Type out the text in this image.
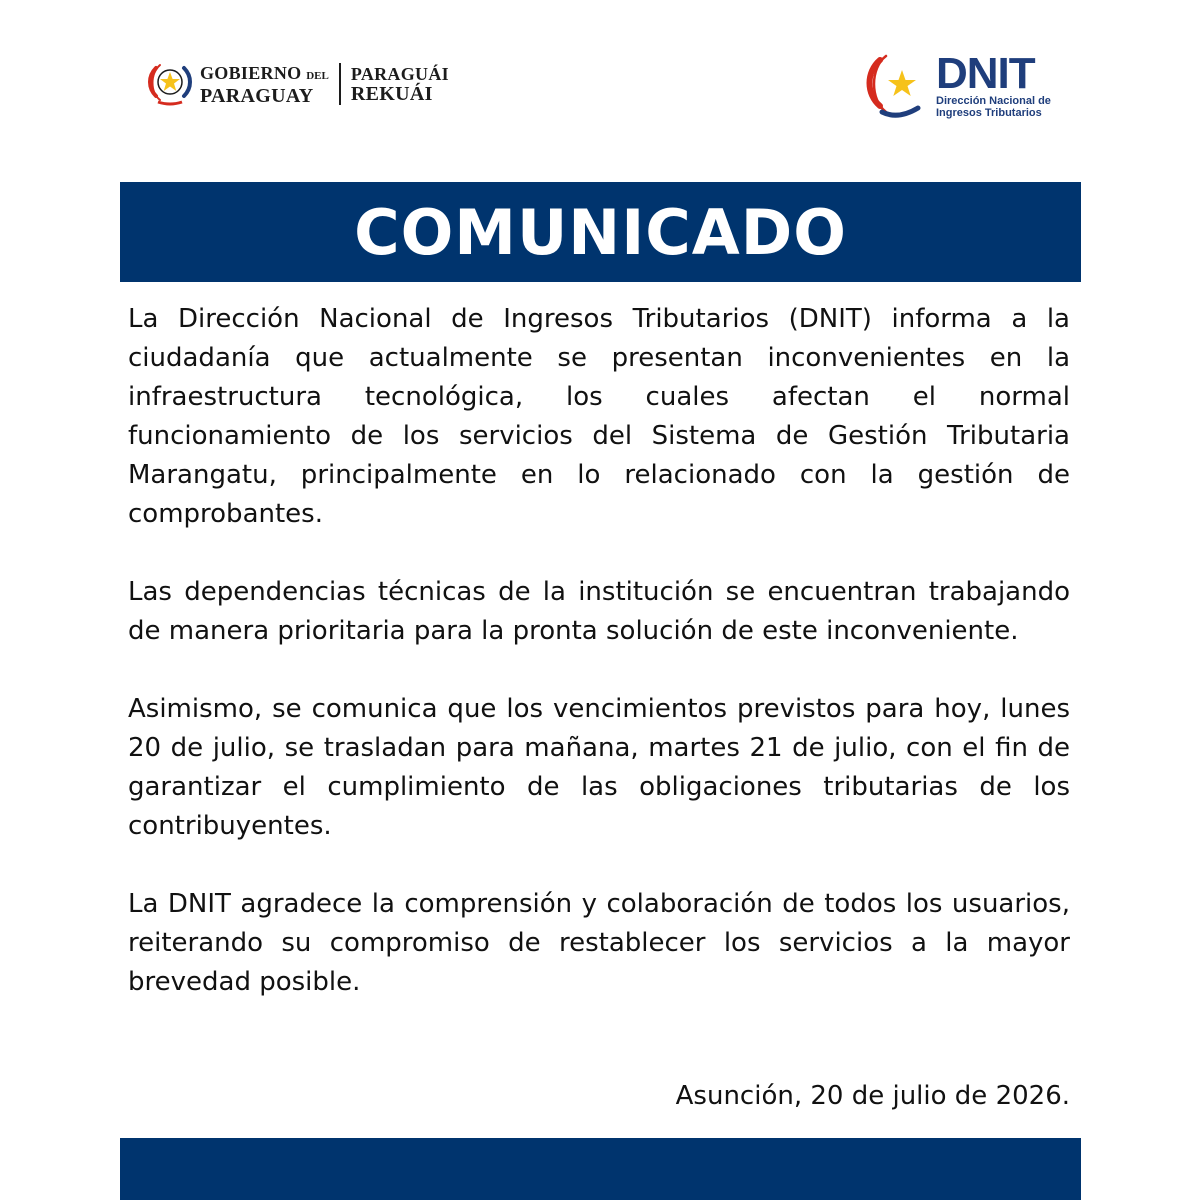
GOBIERNO DEL
PARAGUAY
PARAGUÁI
REKUÁI	DNIT
Dirección Nacional de
Ingresos Tributarios
COMUNICADO

La Dirección Nacional de Ingresos Tributarios (DNIT) informa a la ciudadanía que actualmente se presentan inconvenientes en la infraestructura tecnológica, los cuales afectan el normal funcionamiento de los servicios del Sistema de Gestión Tributaria Marangatu, principalmente en lo relacionado con la gestión de comprobantes.

Las dependencias técnicas de la institución se encuentran trabajando de manera prioritaria para la pronta solución de este inconveniente.

Asimismo, se comunica que los vencimientos previstos para hoy, lunes 20 de julio, se trasladan para mañana, martes 21 de julio, con el fin de garantizar el cumplimiento de las obligaciones tributarias de los contribuyentes.

La DNIT agradece la comprensión y colaboración de todos los usuarios, reiterando su compromiso de restablecer los servicios a la mayor brevedad posible.

Asunción, 20 de julio de 2026.
